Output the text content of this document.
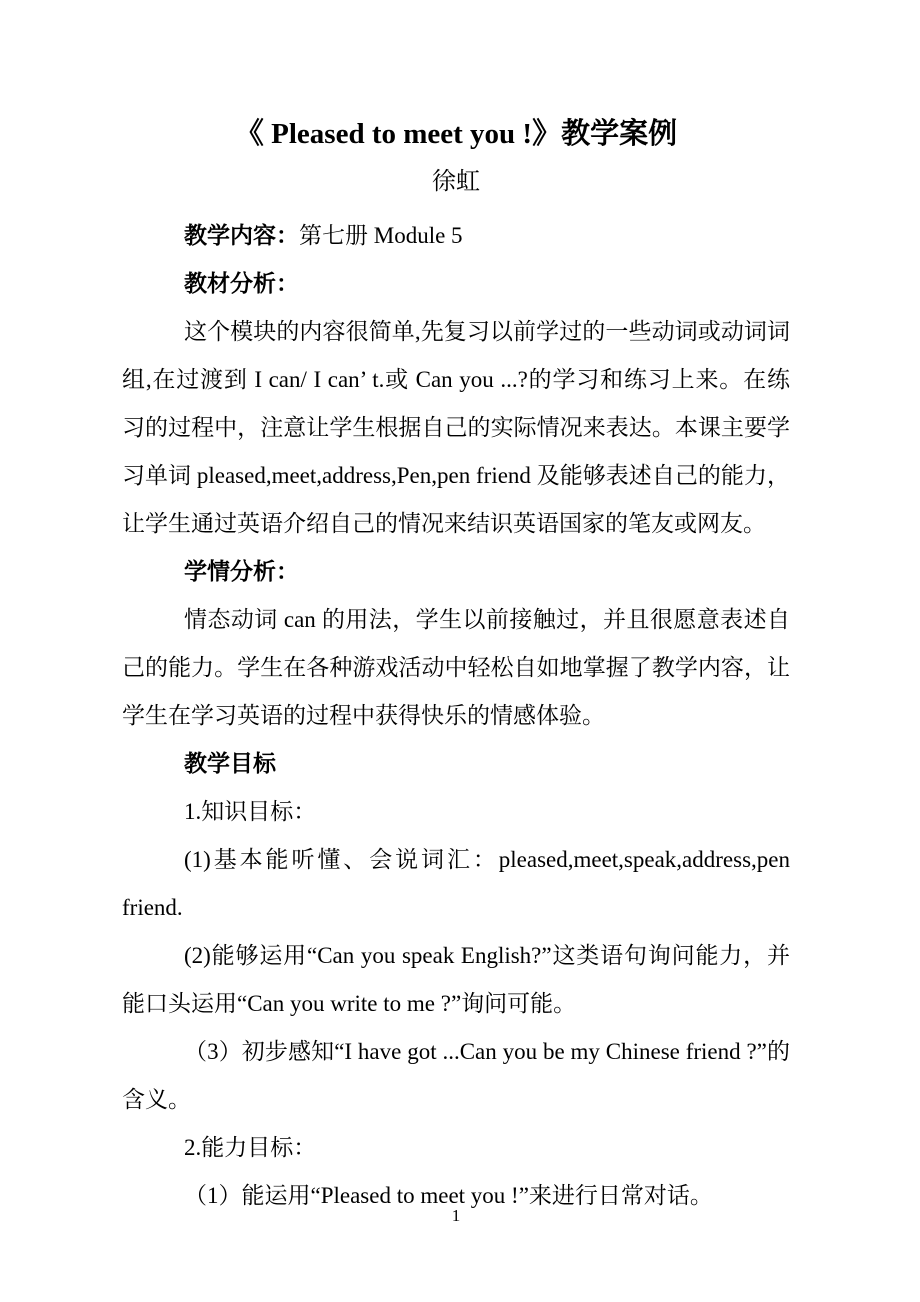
《 Pleased to meet you !》教学案例
徐虹

教学内容：第七册 Module 5

教材分析：

这个模块的内容很简单,先复习以前学过的一些动词或动词词组,在过渡到 I can/ I can’ t.或 Can you ...?的学习和练习上来。在练习的过程中，注意让学生根据自己的实际情况来表达。本课主要学习单词 pleased,meet,address,Pen,pen friend 及能够表述自己的能力，让学生通过英语介绍自己的情况来结识英语国家的笔友或网友。

学情分析：

情态动词 can 的用法，学生以前接触过，并且很愿意表述自己的能力。学生在各种游戏活动中轻松自如地掌握了教学内容，让学生在学习英语的过程中获得快乐的情感体验。

教学目标

1.知识目标：

(1)基本能听懂、会说词汇：pleased,meet,speak,address,pen friend.

(2)能够运用“Can you speak English?”这类语句询问能力，并能口头运用“Can you write to me ?”询问可能。

（3）初步感知“I have got ...Can you be my Chinese friend ?”的含义。

2.能力目标：

（1）能运用“Pleased to meet you !”来进行日常对话。

1
